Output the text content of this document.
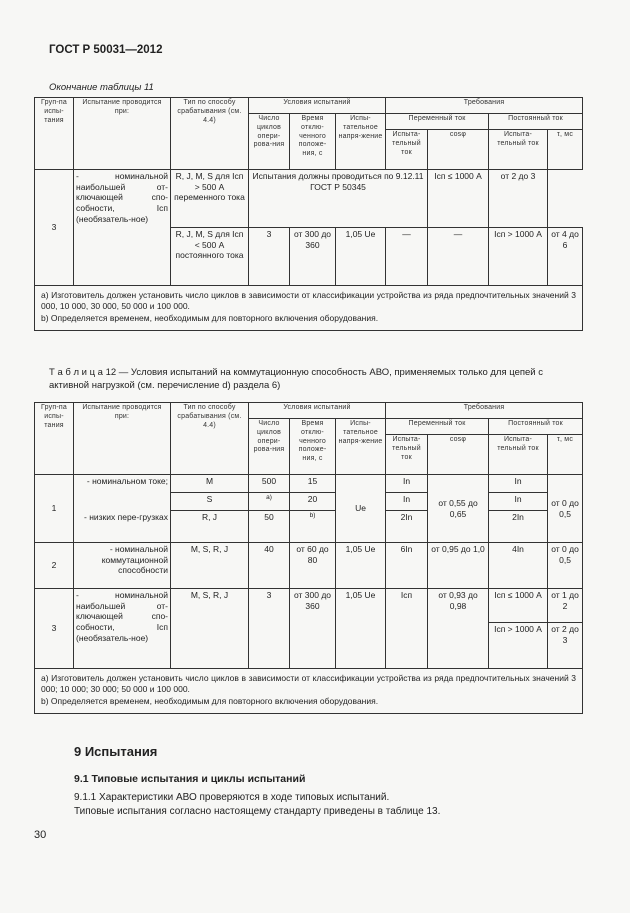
ГОСТ Р 50031—2012
Окончание таблицы 11
Груп-па испы-тания	Испытание проводится при:	Тип по способу срабатывания (см. 4.4)	Условия испытаний			Требования			
			Число циклов опери-рова-ния	Время отклю-ченного положе-ния, с	Испы-тательное напря-жение	Переменный ток		Постоянный ток	
						Испыта-тельный ток	cosφ	Испыта-тельный ток	τ, мс
3	- номинальной наибольшей от-ключающей спо-собности, Iсп (необязатель-ное)	R, J, M, S для Iсп > 500 А переменного тока	Испытания должны проводиться по 9.12.11 ГОСТ Р 50345				Iсп ≤ 1000 А	от 2 до 3	
		R, J, M, S для Iсп < 500 А постоянного тока	3	от 300 до 360	1,05 Ue	—	—	Iсп > 1000 А	от 4 до 6

a) Изготовитель должен установить число циклов в зависимости от классификации устройства из ряда предпочтительных значений 3 000, 10 000, 30 000, 50 000 и 100 000.

b) Определяется временем, необходимым для повторного включения оборудования.									

Т а б л и ц а 12 — Условия испытаний на коммутационную способность АВО, применяемых только для цепей с активной нагрузкой (см. перечисление d) раздела 6)
Груп-па испы-тания	Испытание проводится при:	Тип по способу срабатывания (см. 4.4)	Условия испытаний			Требования			
			Число циклов опери-рова-ния	Время отклю-ченного положе-ния, с	Испы-тательное напря-жение	Переменный ток		Постоянный ток	
						Испыта-тельный ток	cosφ	Испыта-тельный ток	τ, мс
1	- номинальном токе;	M	500	15	Ue	In	от 0,55 до 0,65	In	от 0 до 0,5
		S	a)	20		In		In	
	- низких пере-грузках	R, J	50	b)		2In		2In	
2	- номинальной коммутационной способности	M, S, R, J	40	от 60 до 80	1,05 Ue	6In	от 0,95 до 1,0	4In	от 0 до 0,5
3	- номинальной наибольшей от-ключающей спо-собности, Iсп (необязатель-ное)	M, S, R, J	3	от 300 до 360	1,05 Ue	Iсп	от 0,93 до 0,98	Iсп ≤ 1000 А	от 1 до 2
								Iсп > 1000 А	от 2 до 3

a) Изготовитель должен установить число циклов в зависимости от классификации устройства из ряда предпочтительных значений 3 000; 10 000; 30 000; 50 000 и 100 000.

b) Определяется временем, необходимым для повторного включения оборудования.									

9 Испытания
9.1 Типовые испытания и циклы испытаний
9.1.1 Характеристики АВО проверяются в ходе типовых испытаний.
Типовые испытания согласно настоящему стандарту приведены в таблице 13.
30
